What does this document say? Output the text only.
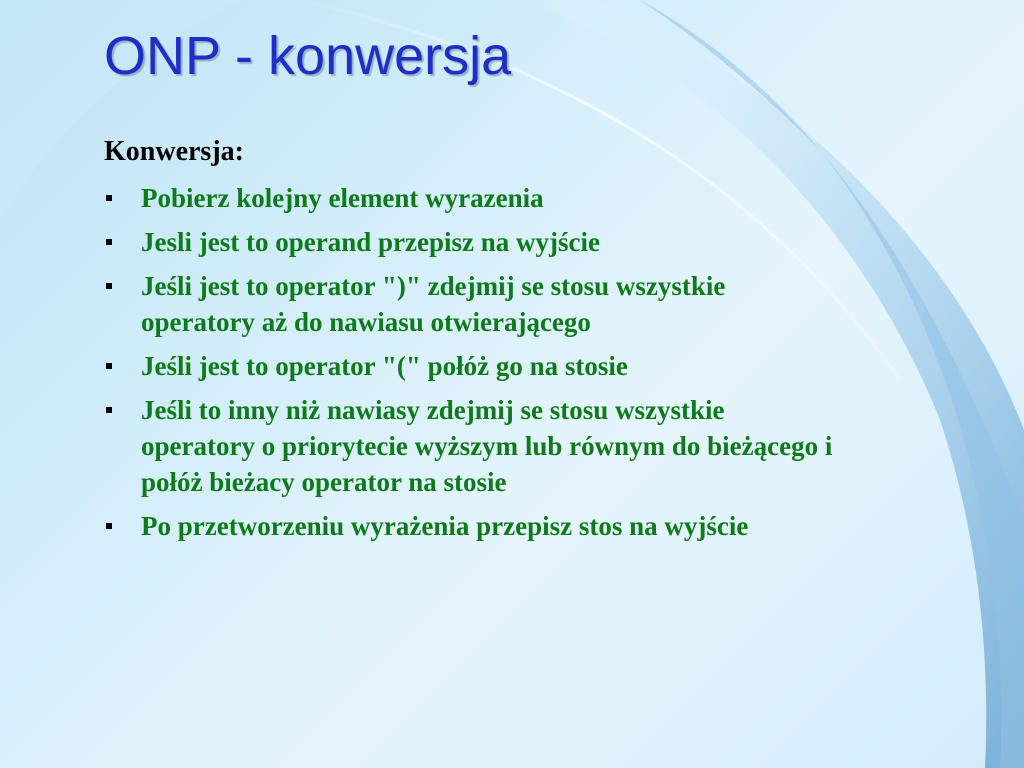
ONP - konwersja
Konwersja:
Pobierz kolejny element wyrazenia
Jesli jest to operand przepisz na wyjście
Jeśli jest to operator ")" zdejmij se stosu wszystkie
operatory aż do nawiasu otwierającego
Jeśli jest to operator "(" połóż go na stosie
Jeśli to inny niż nawiasy zdejmij se stosu wszystkie
operatory o priorytecie wyższym lub równym do bieżącego i
połóż bieżacy operator na stosie
Po przetworzeniu wyrażenia przepisz stos na wyjście
